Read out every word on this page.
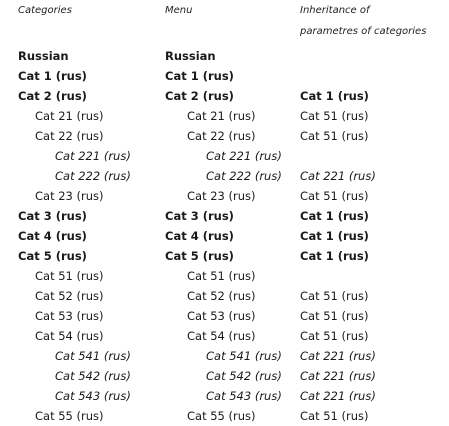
Categories
Russian
Cat 1 (rus)
Cat 2 (rus)
Cat 21 (rus)
Cat 22 (rus)
Cat 221 (rus)
Cat 222 (rus)
Cat 23 (rus)
Cat 3 (rus)
Cat 4 (rus)
Cat 5 (rus)
Cat 51 (rus)
Cat 52 (rus)
Cat 53 (rus)
Cat 54 (rus)
Cat 541 (rus)
Cat 542 (rus)
Cat 543 (rus)
Cat 55 (rus)
Menu
Russian
Cat 1 (rus)
Cat 2 (rus)
Cat 21 (rus)
Cat 22 (rus)
Cat 221 (rus)
Cat 222 (rus)
Cat 23 (rus)
Cat 3 (rus)
Cat 4 (rus)
Cat 5 (rus)
Cat 51 (rus)
Cat 52 (rus)
Cat 53 (rus)
Cat 54 (rus)
Cat 541 (rus)
Cat 542 (rus)
Cat 543 (rus)
Cat 55 (rus)
Inheritance of
parametres of categories
Cat 1 (rus)
Cat 51 (rus)
Cat 51 (rus)
Cat 221 (rus)
Cat 51 (rus)
Cat 1 (rus)
Cat 1 (rus)
Cat 1 (rus)
Cat 51 (rus)
Cat 51 (rus)
Cat 51 (rus)
Cat 221 (rus)
Cat 221 (rus)
Cat 221 (rus)
Cat 51 (rus)
